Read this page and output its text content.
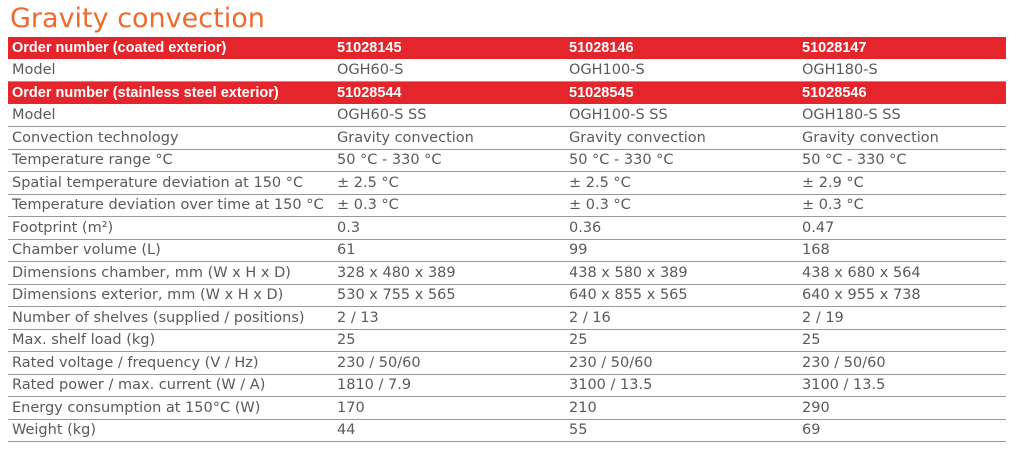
Gravity convection
Order number (coated exterior)	51028145	51028146	51028147
Model	OGH60-S	OGH100-S	OGH180-S
Order number (stainless steel exterior)	51028544	51028545	51028546
Model	OGH60-S SS	OGH100-S SS	OGH180-S SS
Convection technology	Gravity convection	Gravity convection	Gravity convection
Temperature range °C	50 °C - 330 °C	50 °C - 330 °C	50 °C - 330 °C
Spatial temperature deviation at 150 °C	± 2.5 °C	± 2.5 °C	± 2.9 °C
Temperature deviation over time at 150 °C	± 0.3 °C	± 0.3 °C	± 0.3 °C
Footprint (m²)	0.3	0.36	0.47
Chamber volume (L)	61	99	168
Dimensions chamber, mm (W x H x D)	328 x 480 x 389	438 x 580 x 389	438 x 680 x 564
Dimensions exterior, mm (W x H x D)	530 x 755 x 565	640 x 855 x 565	640 x 955 x 738
Number of shelves (supplied / positions)	2 / 13	2 / 16	2 / 19
Max. shelf load (kg)	25	25	25
Rated voltage / frequency (V / Hz)	230 / 50/60	230 / 50/60	230 / 50/60
Rated power / max. current (W / A)	1810 / 7.9	3100 / 13.5	3100 / 13.5
Energy consumption at 150°C (W)	170	210	290
Weight (kg)	44	55	69
